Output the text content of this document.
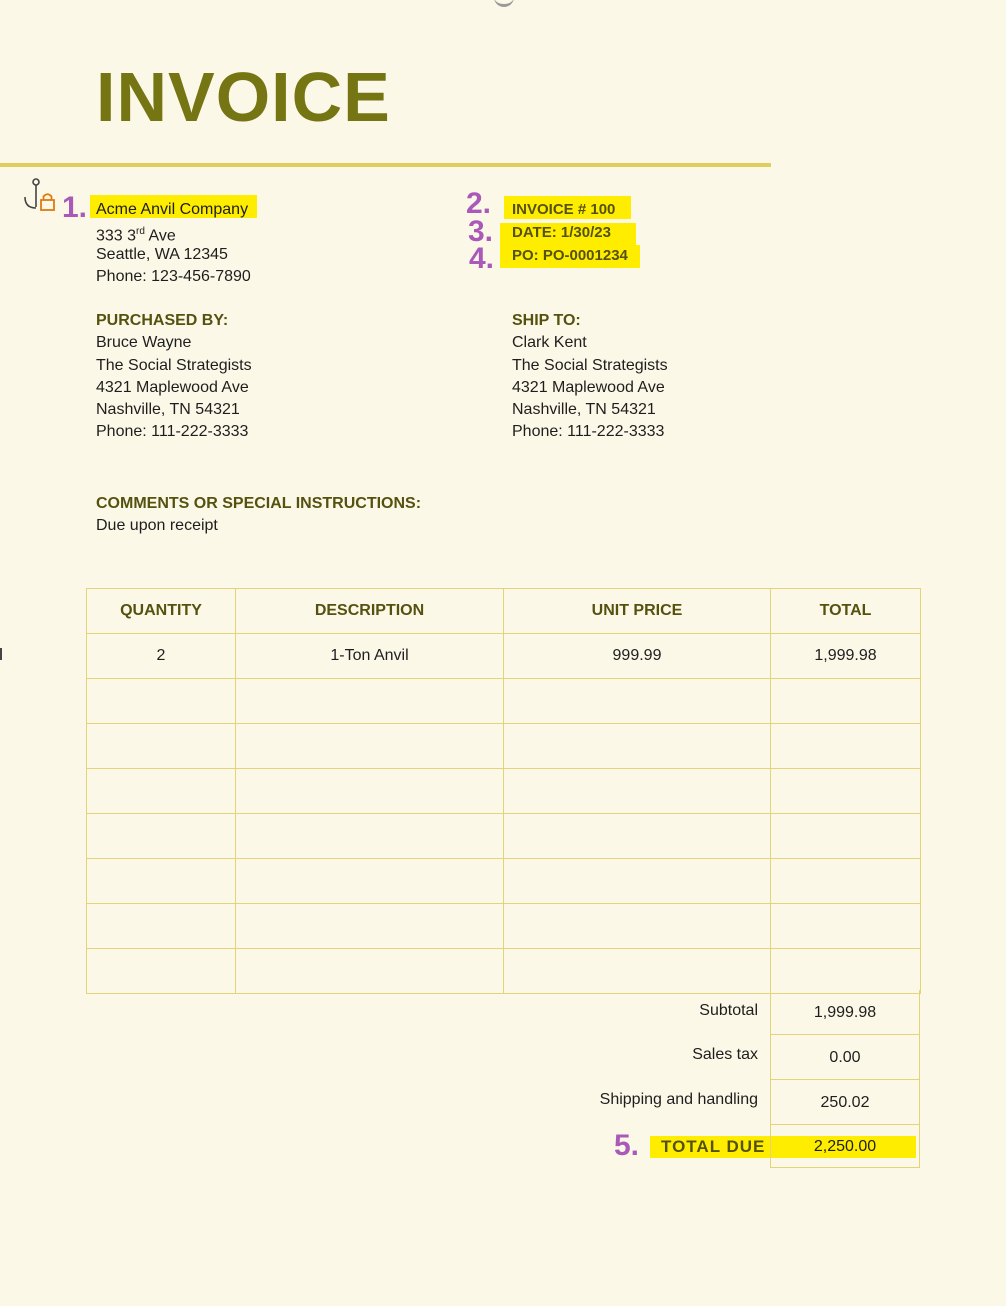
INVOICE
1.	2.
3.
4.
5.
Acme Anvil Company
333 3rd Ave
Seattle, WA 12345
Phone: 123-456-7890
INVOICE # 100
DATE: 1/30/23
PO: PO-0001234
PURCHASED BY:
Bruce Wayne
The Social Strategists
4321 Maplewood Ave
Nashville, TN 54321
Phone: 111-222-3333
SHIP TO:
Clark Kent
The Social Strategists
4321 Maplewood Ave
Nashville, TN 54321
Phone: 111-222-3333
COMMENTS OR SPECIAL INSTRUCTIONS:
Due upon receipt
QUANTITY	DESCRIPTION	UNIT PRICE	TOTAL
2	1-Ton Anvil	999.99	1,999.98

Subtotal	1,999.98
Sales tax	0.00
Shipping and handling	250.02
TOTAL DUE	2,250.00
